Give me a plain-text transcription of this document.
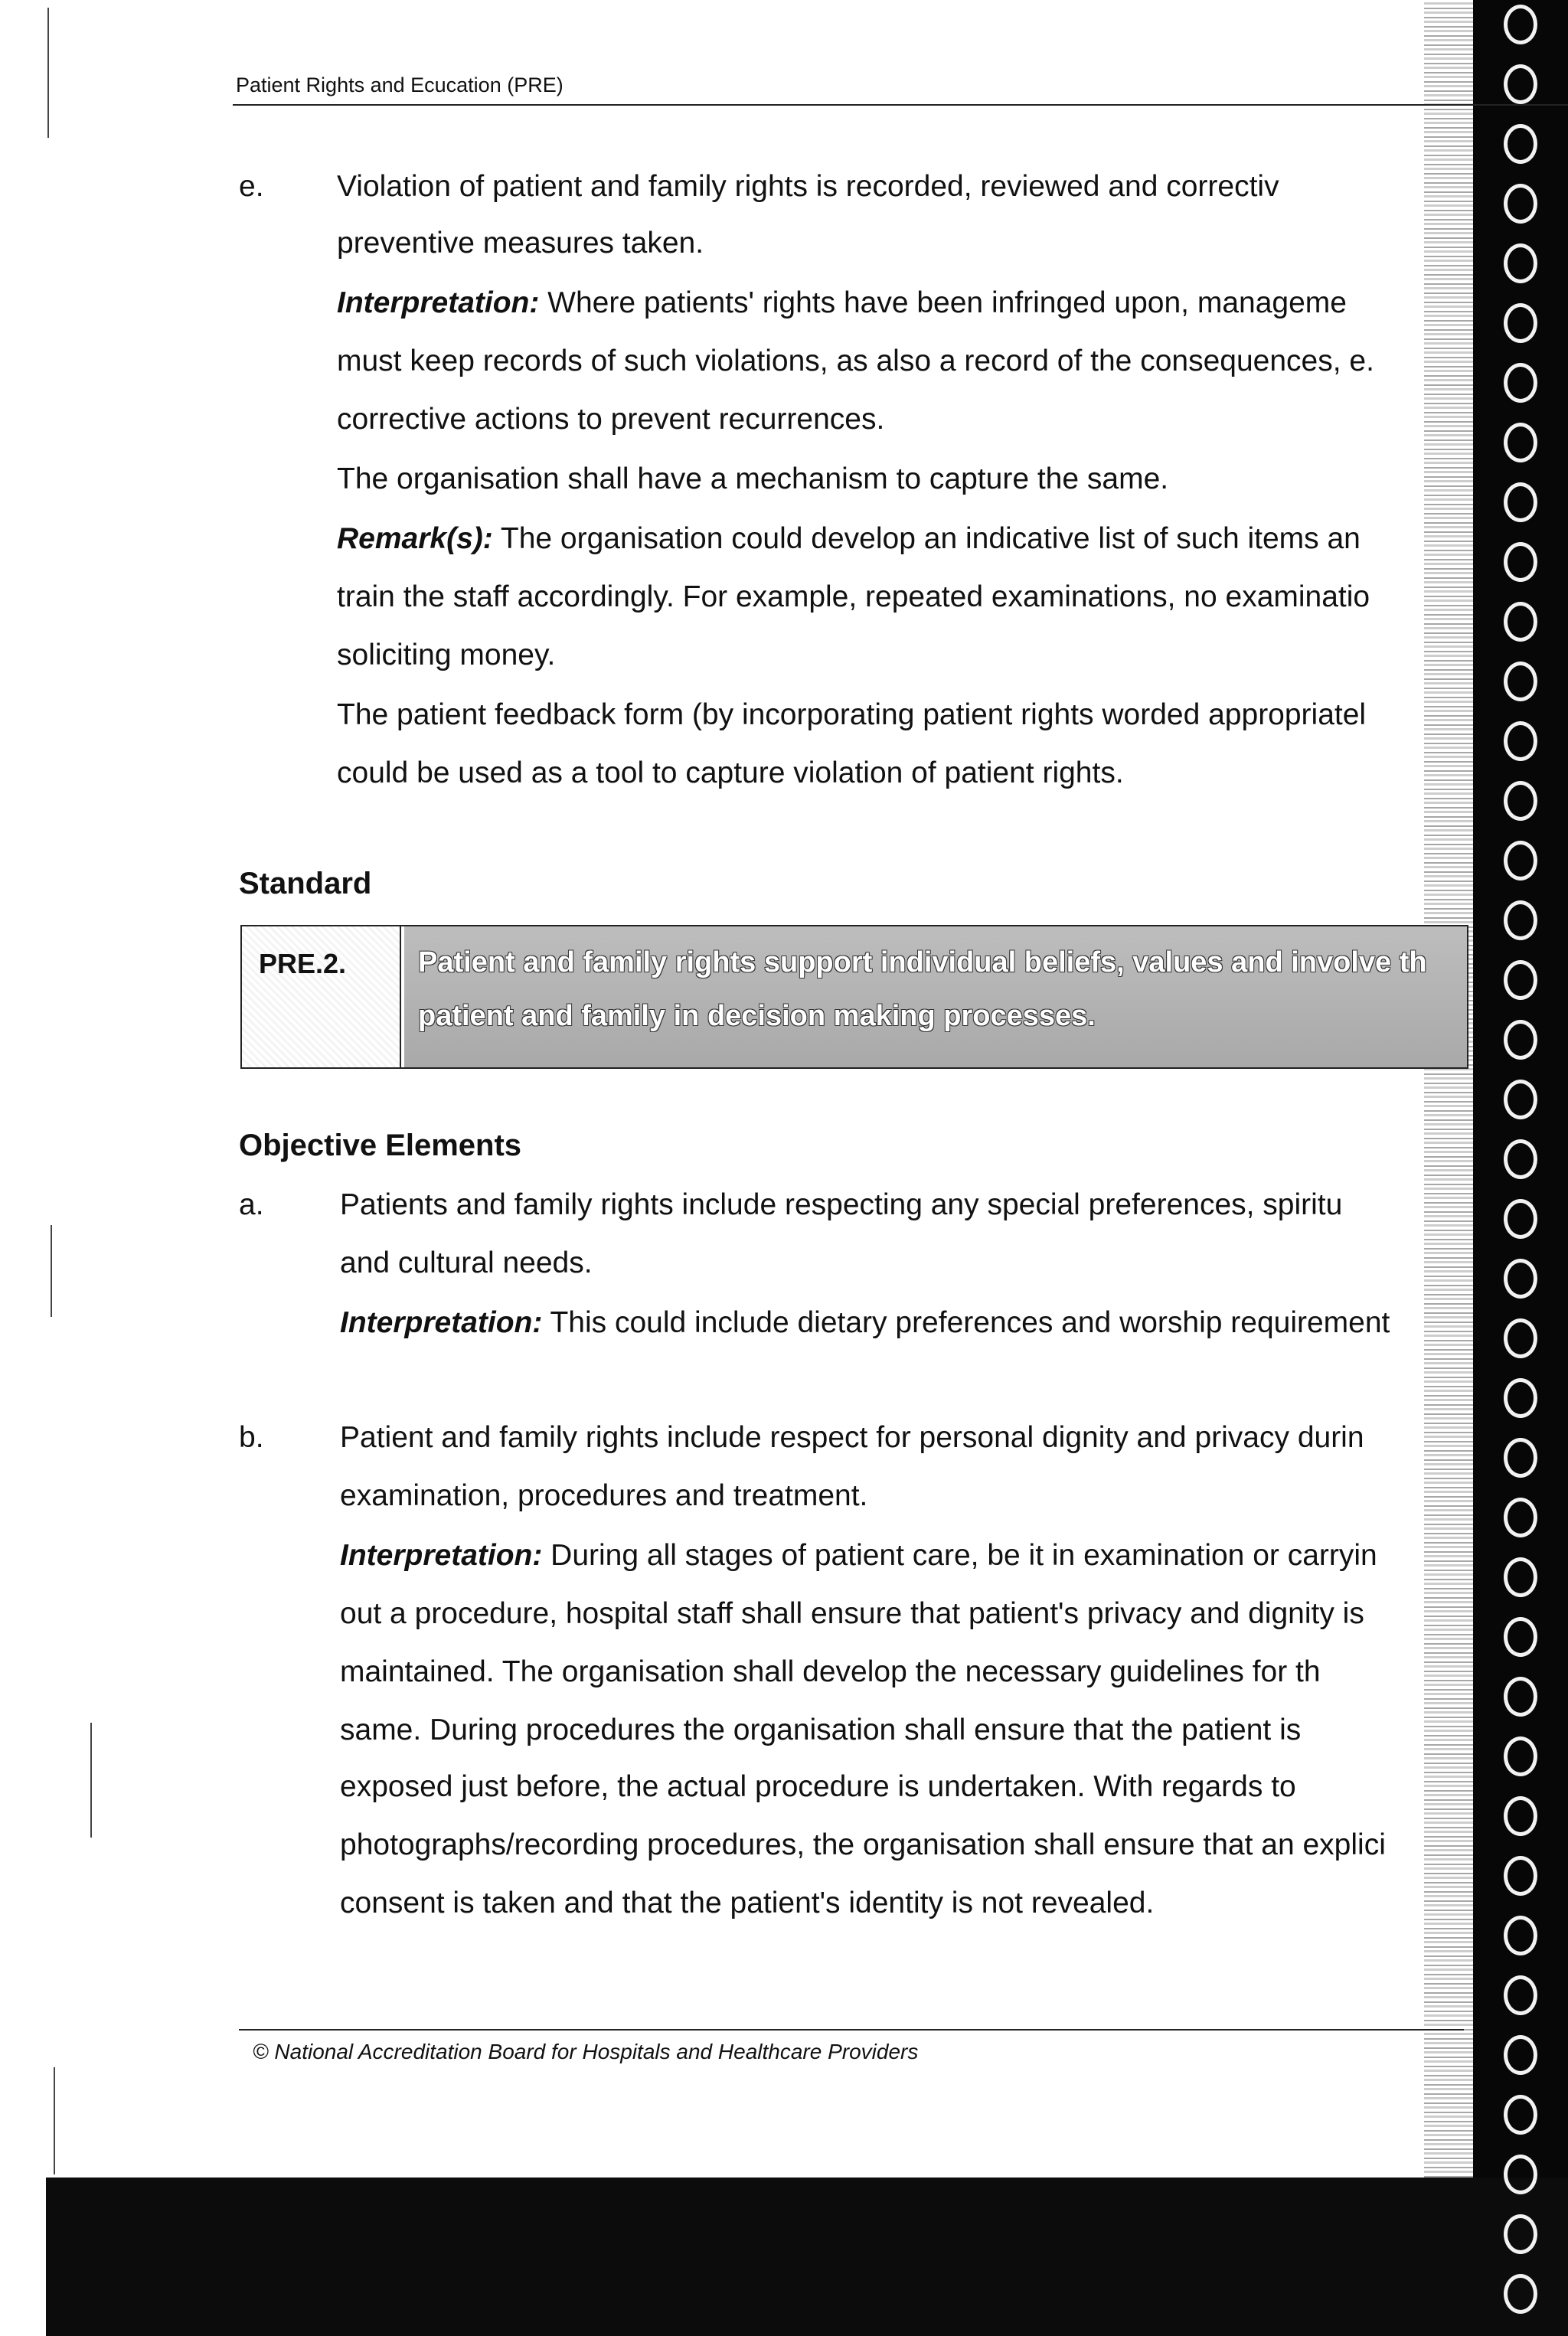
Patient Rights and Ecucation (PRE)
e. Violation of patient and family rights is recorded, reviewed and correctiv
preventive measures taken.
Interpretation: Where patients' rights have been infringed upon, manageme
must keep records of such violations, as also a record of the consequences, e.
corrective actions to prevent recurrences.
The organisation shall have a mechanism to capture the same.
Remark(s): The organisation could develop an indicative list of such items an
train the staff accordingly. For example, repeated examinations, no examinatio
soliciting money.
The patient feedback form (by incorporating patient rights worded appropriatel
could be used as a tool to capture violation of patient rights.
Standard
PRE.2. Patient and family rights support individual beliefs, values and involve th
patient and family in decision making processes.
Objective Elements
a.	Patients and family rights include respecting any special preferences, spiritu
and cultural needs.
Interpretation: This could include dietary preferences and worship requirement
b.	Patient and family rights include respect for personal dignity and privacy durin
examination, procedures and treatment.
Interpretation: During all stages of patient care, be it in examination or carryin
out a procedure, hospital staff shall ensure that patient's privacy and dignity is
maintained. The organisation shall develop the necessary guidelines for th
same. During procedures the organisation shall ensure that the patient is
exposed just before, the actual procedure is undertaken. With regards to
photographs/recording procedures, the organisation shall ensure that an explici
consent is taken and that the patient's identity is not revealed.
© National Accreditation Board for Hospitals and Healthcare Providers
